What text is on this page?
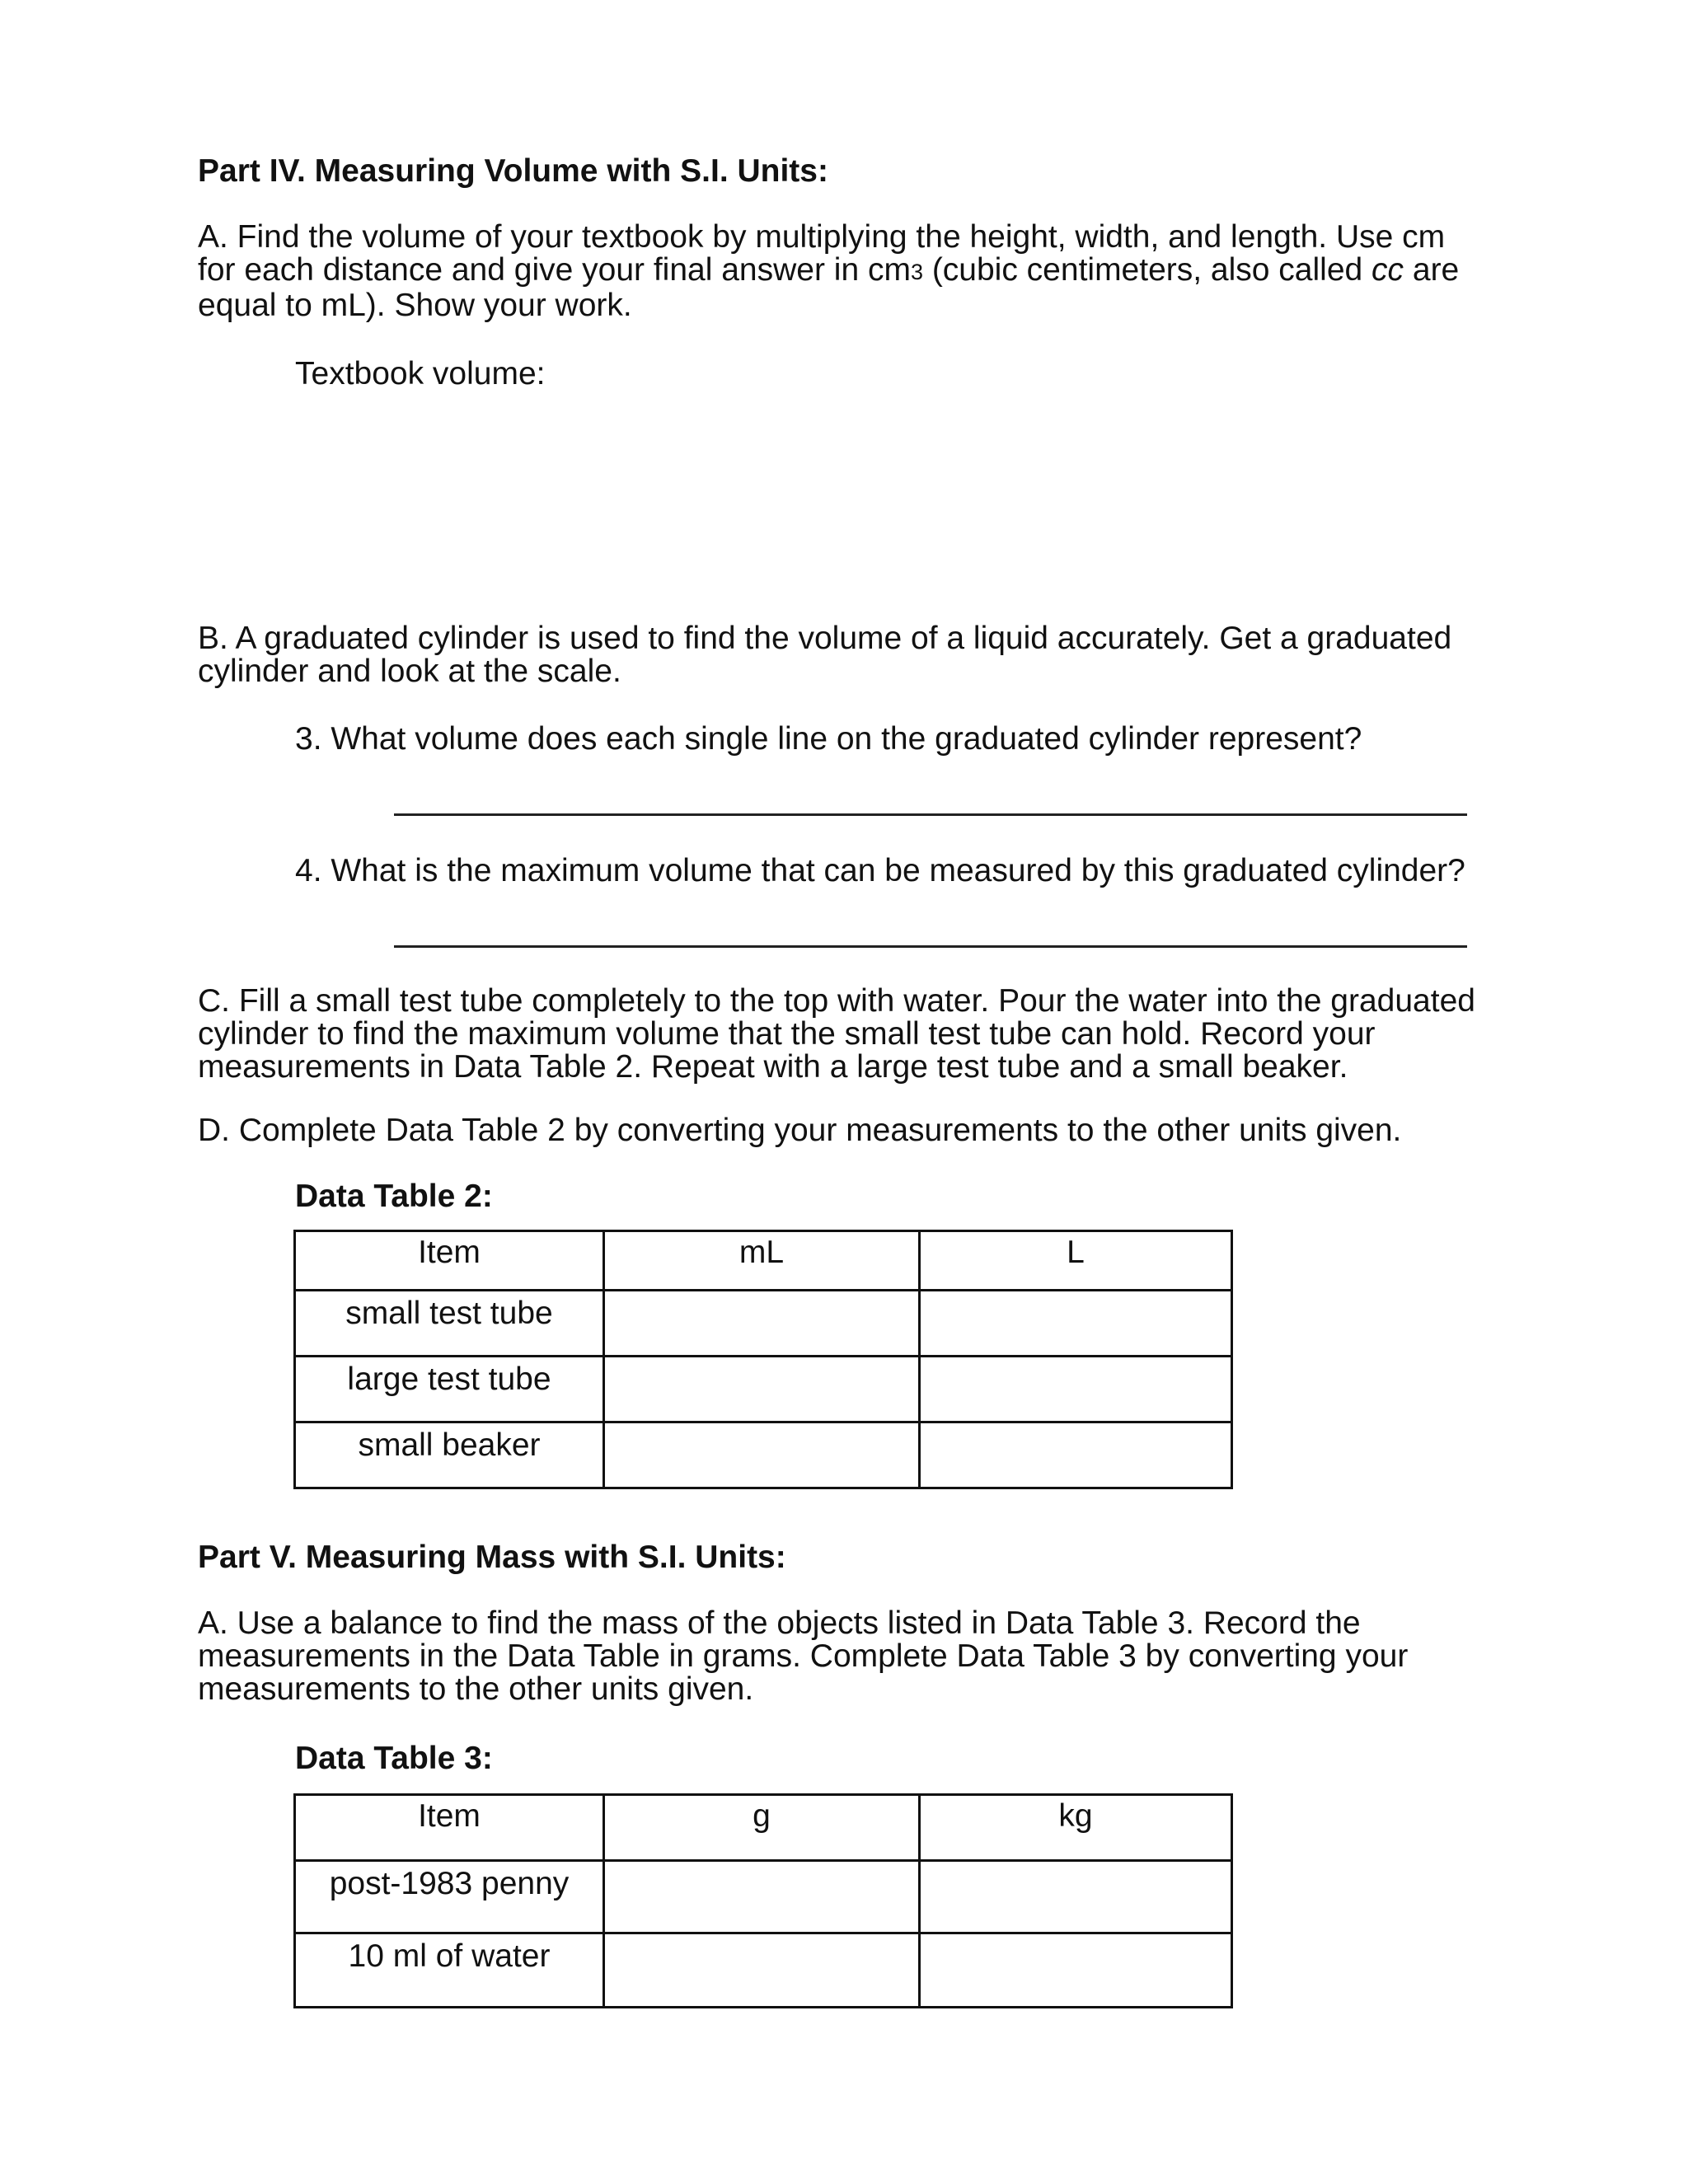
Part IV. Measuring Volume with S.I. Units:
A. Find the volume of your textbook by multiplying the height, width, and length. Use cm
for each distance and give your final answer in $cm^3$ (cubic centimeters, also called cc are
equal to mL). Show your work.
Textbook volume:
B. A graduated cylinder is used to find the volume of a liquid accurately. Get a graduated
cylinder and look at the scale.
3. What volume does each single line on the graduated cylinder represent?
4. What is the maximum volume that can be measured by this graduated cylinder?
C. Fill a small test tube completely to the top with water. Pour the water into the graduated
cylinder to find the maximum volume that the small test tube can hold. Record your
measurements in Data Table 2. Repeat with a large test tube and a small beaker.
D. Complete Data Table 2 by converting your measurements to the other units given.
Data Table 2:
Item	mL	L
small test tube		
large test tube		
small beaker		
Part V. Measuring Mass with S.I. Units:
A. Use a balance to find the mass of the objects listed in Data Table 3. Record the
measurements in the Data Table in grams. Complete Data Table 3 by converting your
measurements to the other units given.
Data Table 3:
Item	g	kg
post-1983 penny		
10 ml of water		
